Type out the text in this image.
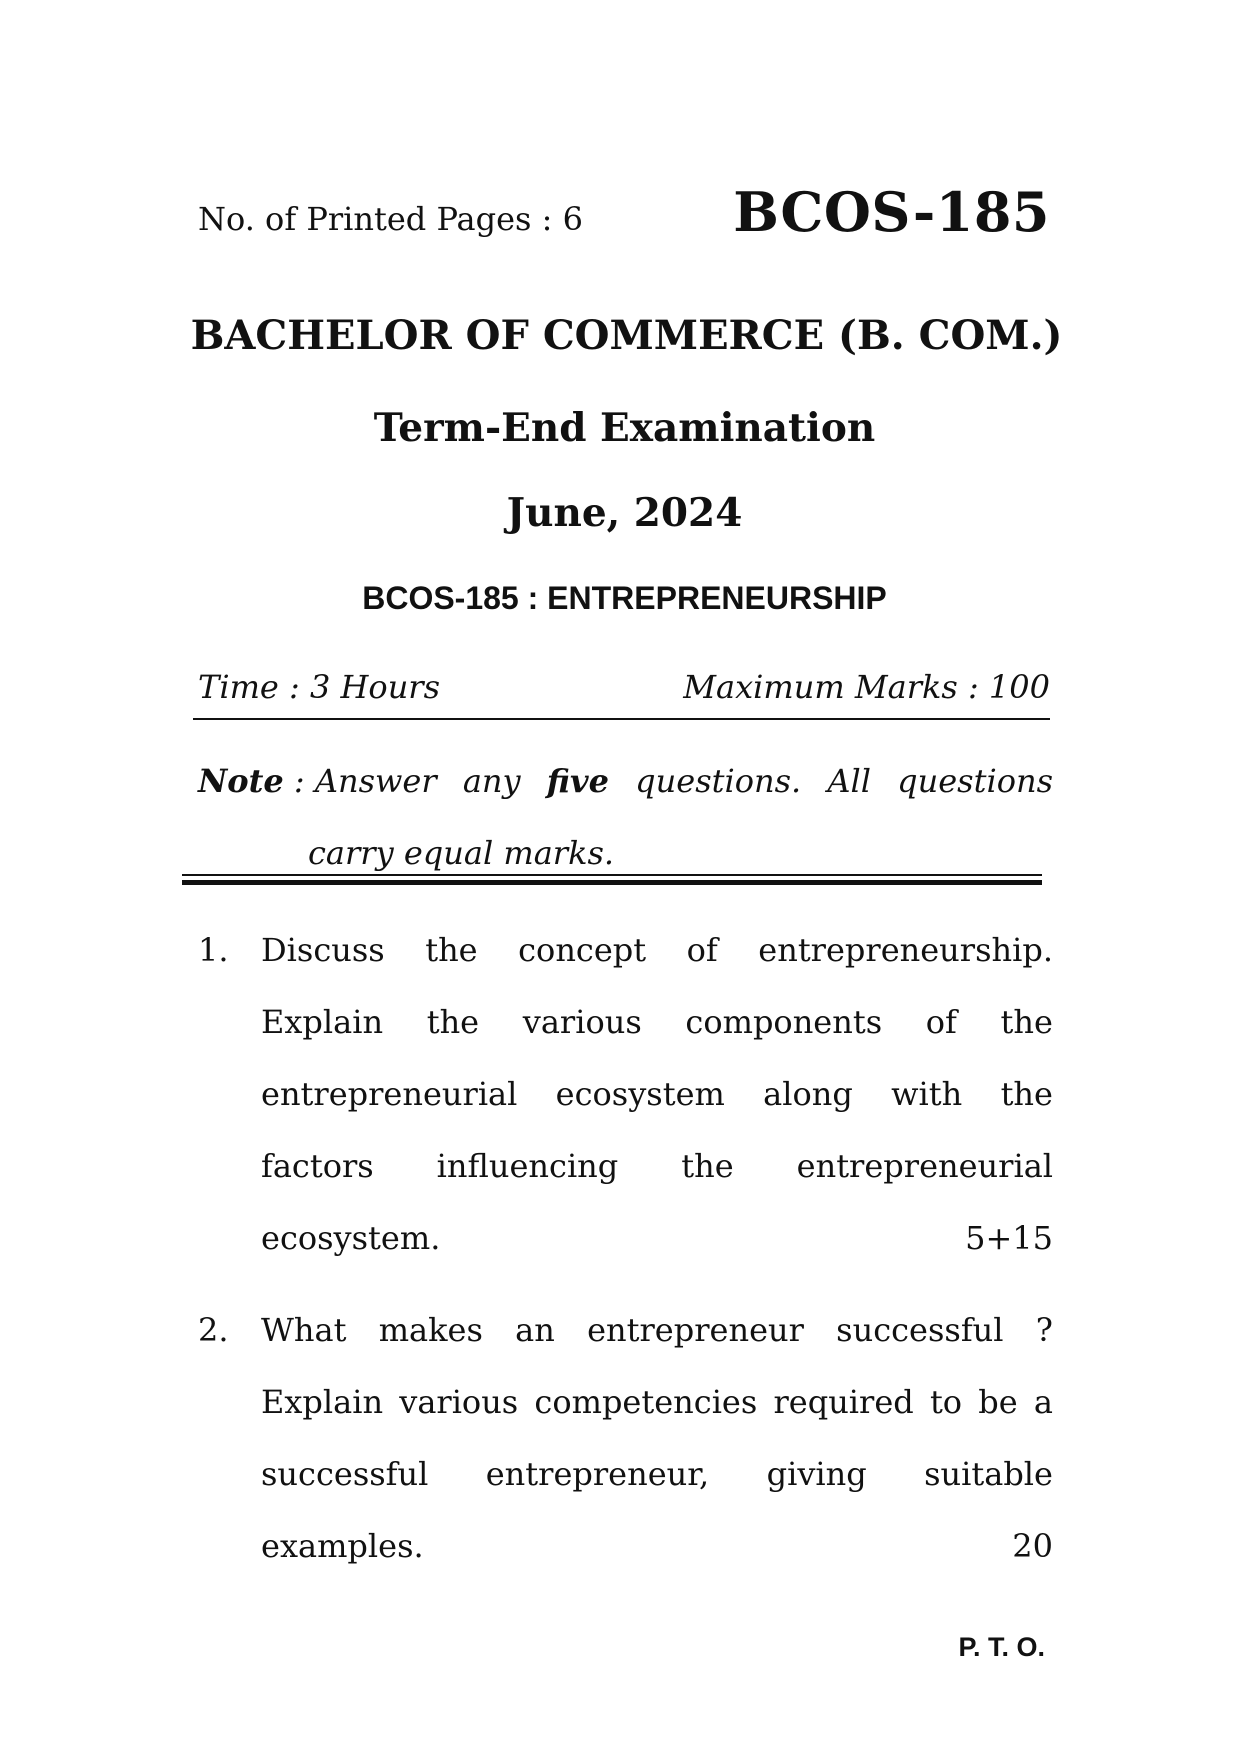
No. of Printed Pages : 6	BCOS-185
BACHELOR OF COMMERCE (B. COM.)
Term-End Examination
June, 2024
BCOS-185 : ENTREPRENEURSHIP
Time : 3 Hours	Maximum Marks : 100
Note : Answer any five questions. All questions
carry equal marks.
1. Discuss the concept of entrepreneurship.
Explain the various components of the
entrepreneurial ecosystem along with the
factors influencing the entrepreneurial
ecosystem.	5+15
2. What makes an entrepreneur successful ?
Explain various competencies required to be a
successful entrepreneur, giving suitable
examples.	20
P. T. O.
